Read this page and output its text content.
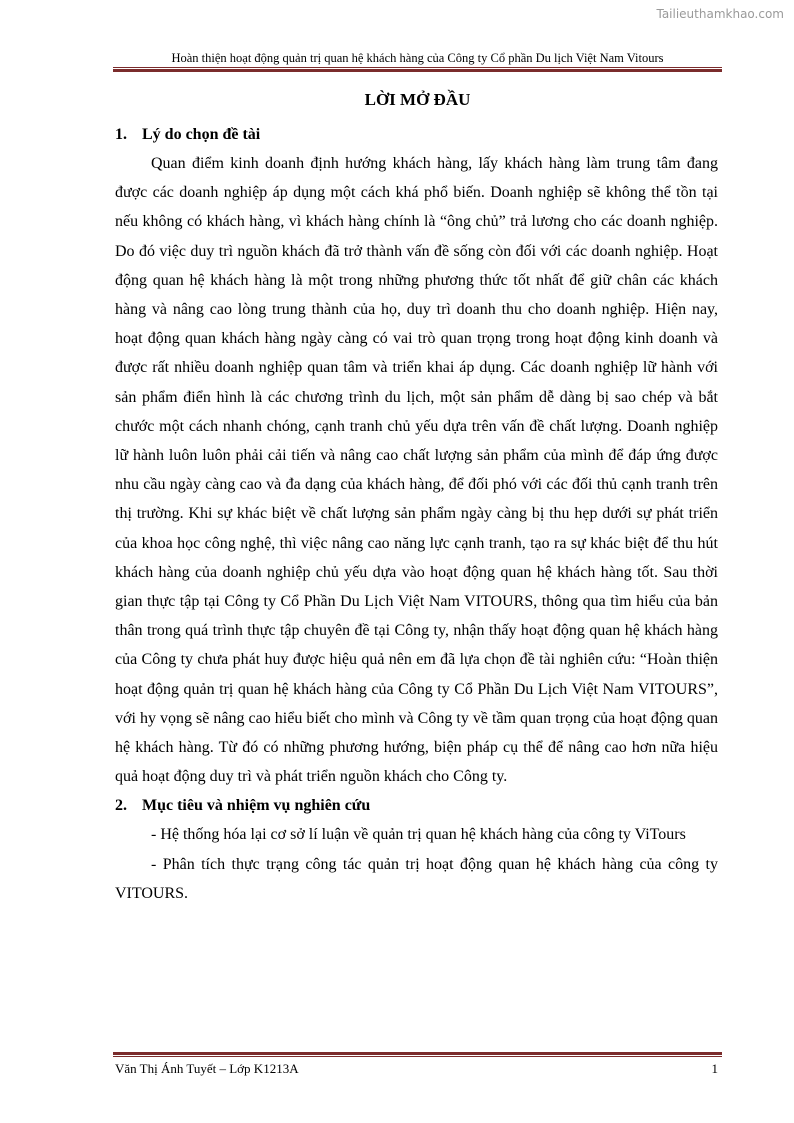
Tailieuthamkhao.com
Hoàn thiện hoạt động quản trị quan hệ khách hàng của Công ty Cổ phần Du lịch Việt Nam Vitours
LỜI MỞ ĐẦU
1. Lý do chọn đề tài

Quan điểm kinh doanh định hướng khách hàng, lấy khách hàng làm trung tâm đang được các doanh nghiệp áp dụng một cách khá phổ biến. Doanh nghiệp sẽ không thể tồn tại nếu không có khách hàng, vì khách hàng chính là “ông chủ” trả lương cho các doanh nghiệp. Do đó việc duy trì nguồn khách đã trở thành vấn đề sống còn đối với các doanh nghiệp. Hoạt động quan hệ khách hàng là một trong những phương thức tốt nhất để giữ chân các khách hàng và nâng cao lòng trung thành của họ, duy trì doanh thu cho doanh nghiệp. Hiện nay, hoạt động quan khách hàng ngày càng có vai trò quan trọng trong hoạt động kinh doanh và được rất nhiều doanh nghiệp quan tâm và triển khai áp dụng. Các doanh nghiệp lữ hành với sản phẩm điển hình là các chương trình du lịch, một sản phẩm dễ dàng bị sao chép và bắt chước một cách nhanh chóng, cạnh tranh chủ yếu dựa trên vấn đề chất lượng. Doanh nghiệp lữ hành luôn luôn phải cải tiến và nâng cao chất lượng sản phẩm của mình để đáp ứng được nhu cầu ngày càng cao và đa dạng của khách hàng, để đối phó với các đối thủ cạnh tranh trên thị trường. Khi sự khác biệt về chất lượng sản phẩm ngày càng bị thu hẹp dưới sự phát triển của khoa học công nghệ, thì việc nâng cao năng lực cạnh tranh, tạo ra sự khác biệt để thu hút khách hàng của doanh nghiệp chủ yếu dựa vào hoạt động quan hệ khách hàng tốt. Sau thời gian thực tập tại Công ty Cổ Phần Du Lịch Việt Nam VITOURS, thông qua tìm hiểu của bản thân trong quá trình thực tập chuyên đề tại Công ty, nhận thấy hoạt động quan hệ khách hàng của Công ty chưa phát huy được hiệu quả nên em đã lựa chọn đề tài nghiên cứu: “Hoàn thiện hoạt động quản trị quan hệ khách hàng của Công ty Cổ Phần Du Lịch Việt Nam VITOURS”, với hy vọng sẽ nâng cao hiểu biết cho mình và Công ty về tầm quan trọng của hoạt động quan hệ khách hàng. Từ đó có những phương hướng, biện pháp cụ thể để nâng cao hơn nữa hiệu quả hoạt động duy trì và phát triển nguồn khách cho Công ty.

2. Mục tiêu và nhiệm vụ nghiên cứu

- Hệ thống hóa lại cơ sở lí luận về quản trị quan hệ khách hàng của công ty ViTours

- Phân tích thực trạng công tác quản trị hoạt động quan hệ khách hàng của công ty VITOURS.

Văn Thị Ánh Tuyết – Lớp K1213A	1
